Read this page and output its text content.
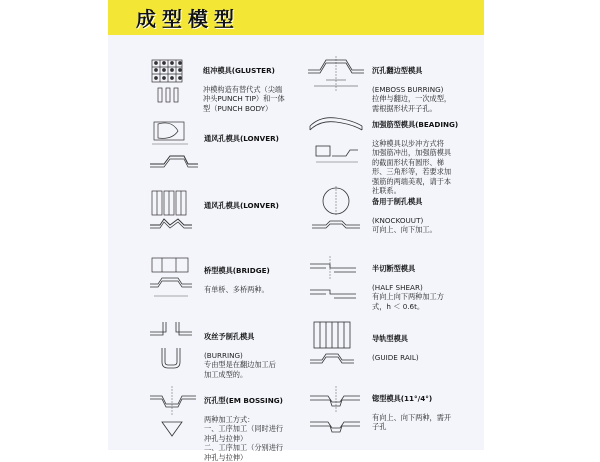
成型模型

组冲模具(GLUSTER)

冲模构造有替代式（尖端
冲头PUNCH TIP）和一体
型（PUNCH BODY）

沉孔翻边型模具

(EMBOSS BURRING)
拉伸与翻边，一次成型，
需根据形状开子孔。

通风孔模具(LONVER)

加强筋型模具(BEADING)

这种模具以步冲方式将
加强筋冲出，加强筋模具
的截面形状有圆形、梯
形、三角形等，若要求加
强筋的两端美观，请于本
社联系。

通风孔模具(LONVER)	备用于制孔模具

(KNOCKOUUT)
可向上、向下加工。

桥型模具(BRIDGE)

有单桥、多桥两种。

半切断型模具

(HALF SHEAR)
有向上向下两种加工方
式，h ＜ 0.6t。

攻丝予制孔模具

(BURRING)
专由型是在翻边加工后
加工成型的。

导轨型模具

(GUIDE RAIL)

沉孔型(EM BOSSING)

两种加工方式：
一、工序加工（同时进行
冲孔与拉伸）
二、工序加工（分别进行
冲孔与拉伸）

锪型模具(11°/4°)

有向上、向下两种，需开
子孔
